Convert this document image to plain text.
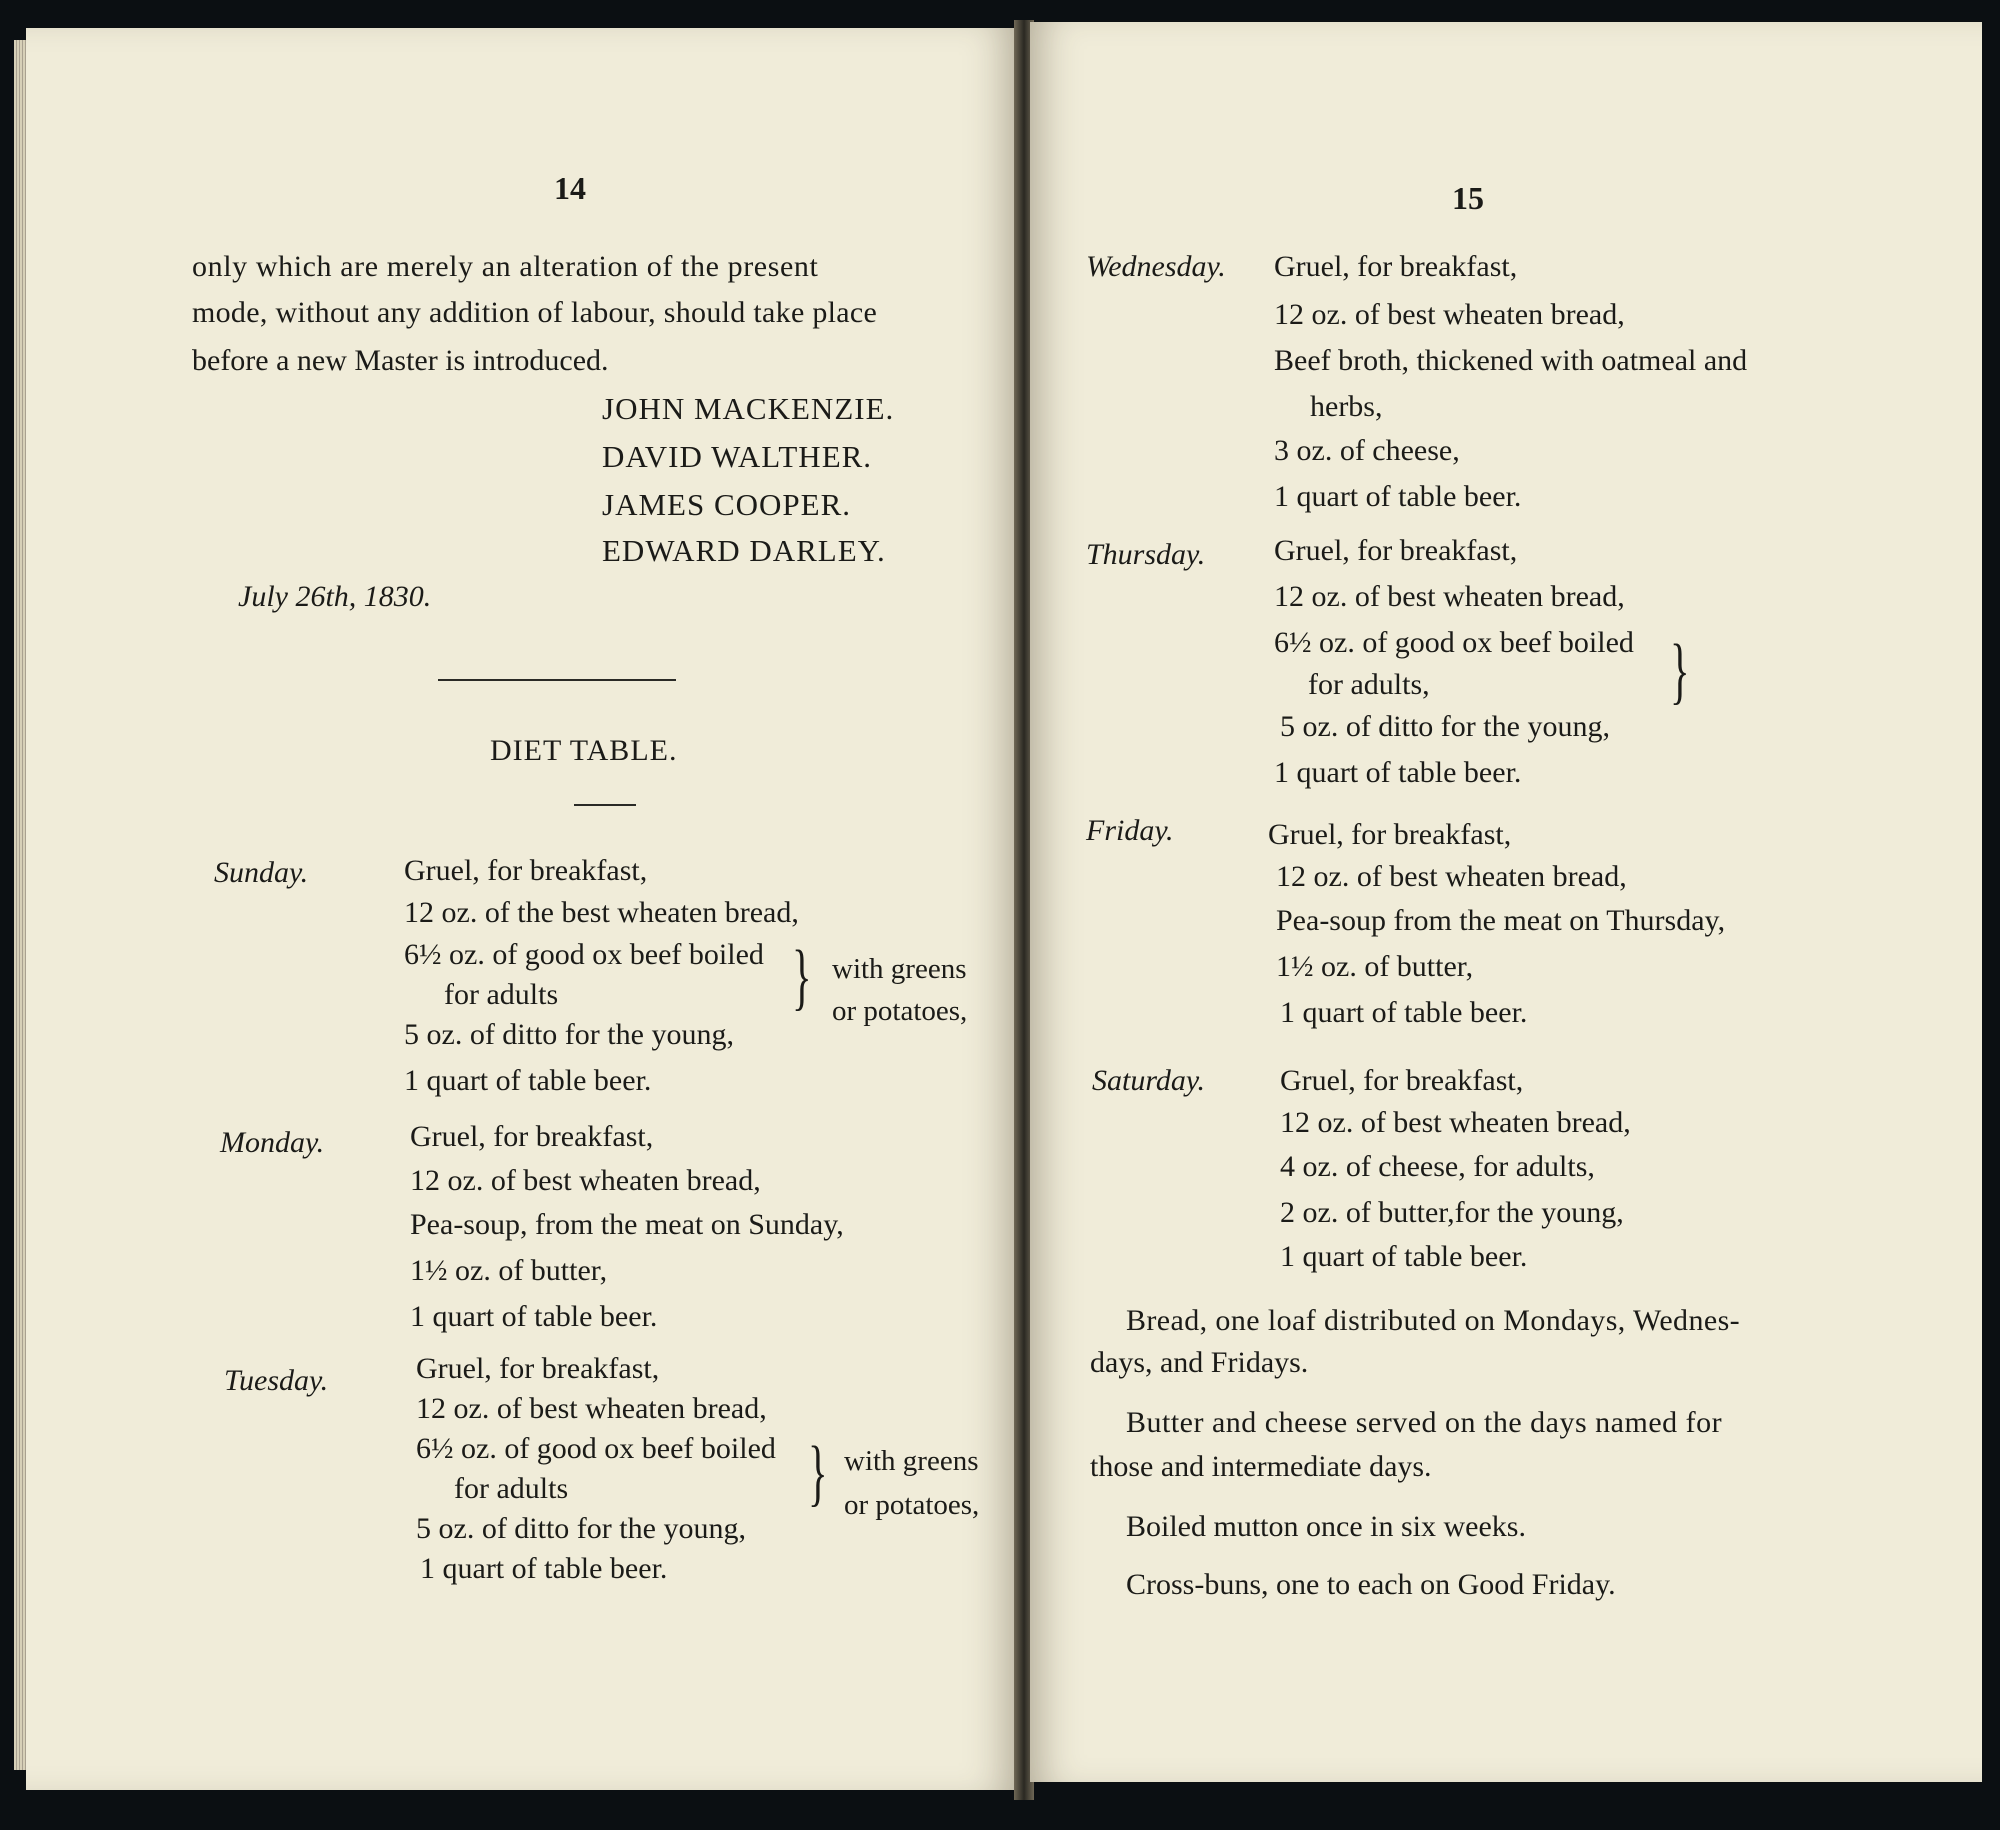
14
only which are merely an alteration of the present
mode, without any addition of labour, should take place
before a new Master is introduced.
JOHN MACKENZIE.
DAVID WALTHER.
JAMES COOPER.
EDWARD DARLEY.
July 26th, 1830.
DIET TABLE.
Sunday.	Gruel, for breakfast,
12 oz. of the best wheaten bread,
6½ oz. of good ox beef boiled
for adults
5 oz. of ditto for the young,
} with greens
or potatoes,
1 quart of table beer.
Monday.	Gruel, for breakfast,
12 oz. of best wheaten bread,
Pea-soup, from the meat on Sunday,
1½ oz. of butter,
1 quart of table beer.
Tuesday.	Gruel, for breakfast,
12 oz. of best wheaten bread,
6½ oz. of good ox beef boiled
for adults
5 oz. of ditto for the young,
} with greens
or potatoes,
1 quart of table beer.
15
Wednesday. Gruel, for breakfast,
12 oz. of best wheaten bread,
Beef broth, thickened with oatmeal and
herbs,
3 oz. of cheese,
1 quart of table beer.
Thursday. Gruel, for breakfast,
12 oz. of best wheaten bread,
6½ oz. of good ox beef boiled
for adults,
5 oz. of ditto for the young,
}
1 quart of table beer.
Friday.	Gruel, for breakfast,
12 oz. of best wheaten bread,
Pea-soup from the meat on Thursday,
1½ oz. of butter,
1 quart of table beer.
Saturday. Gruel, for breakfast,
12 oz. of best wheaten bread,
4 oz. of cheese, for adults,
2 oz. of butter,for the young,
1 quart of table beer.
Bread, one loaf distributed on Mondays, Wednes-
days, and Fridays.
Butter and cheese served on the days named for
those and intermediate days.
Boiled mutton once in six weeks.
Cross-buns, one to each on Good Friday.
